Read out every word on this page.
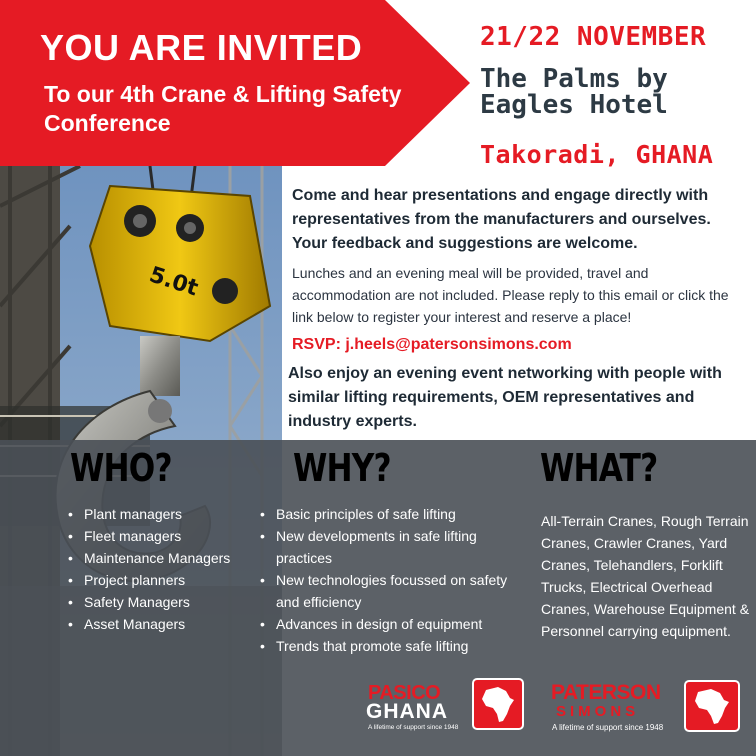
YOU ARE INVITED
To our 4th Crane & Lifting Safety Conference
21/22 NOVEMBER
The Palms by Eagles Hotel
Takoradi, GHANA
5.0t
Come and hear presentations and engage directly with representatives from the manufacturers and ourselves. Your feedback and suggestions are welcome.
Lunches and an evening meal will be provided, travel and accommodation are not included. Please reply to this email or click the link below to register your interest and reserve a place!
RSVP: j.heels@patersonsimons.com
Also enjoy an evening event networking with people with similar lifting requirements, OEM representatives and industry experts.
WHO?	WHY?	WHAT?
• Plant managers
• Fleet managers
• Maintenance Managers
• Project planners
• Safety Managers
• Asset Managers
• Basic principles of safe lifting
• New developments in safe lifting practices
• New technologies focussed on safety and efficiency
• Advances in design of equipment
• Trends that promote safe lifting
All-Terrain Cranes, Rough Terrain Cranes, Crawler Cranes, Yard Cranes, Telehandlers, Forklift Trucks, Electrical Overhead Cranes, Warehouse Equipment & Personnel carrying equipment.
PASICO
GHANA
A lifetime of support since 1948
PATERSON
SIMONS
A lifetime of support since 1948
